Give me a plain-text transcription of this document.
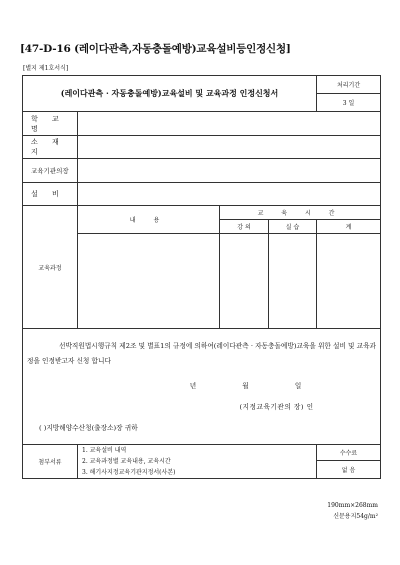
[47-D-16 (레이다관측,자동충돌예방)교육설비등인정신청]
[별지 제1호서식]
(레이다관측 · 자동충돌예방)교육설비 및 교육과정 인정신청서				처리기간
				3 일
학 교 명				
소 재 지				
교육기관의장				
설 비				
교육과정	내 용	교 육 시 간		
		강 의	실 습	계

선박직원법시행규칙 제2조 및 별표1의 규정에 의하여(레이다관측 · 자동충돌예방)교육을 위한 설비 및 교육과정을 인정받고자 신청 합니다
년 월 일
(지정교육기관의 장) 인
( )지방해양수산청(출장소)장 귀하				

첨부서류	1. 교육설비 내역
2. 교육과정별 교육내용, 교육시간
3. 해기사지정교육기관지정서(사본)			수수료
				없 음
190mm×268mm
신문용지54g/m²
